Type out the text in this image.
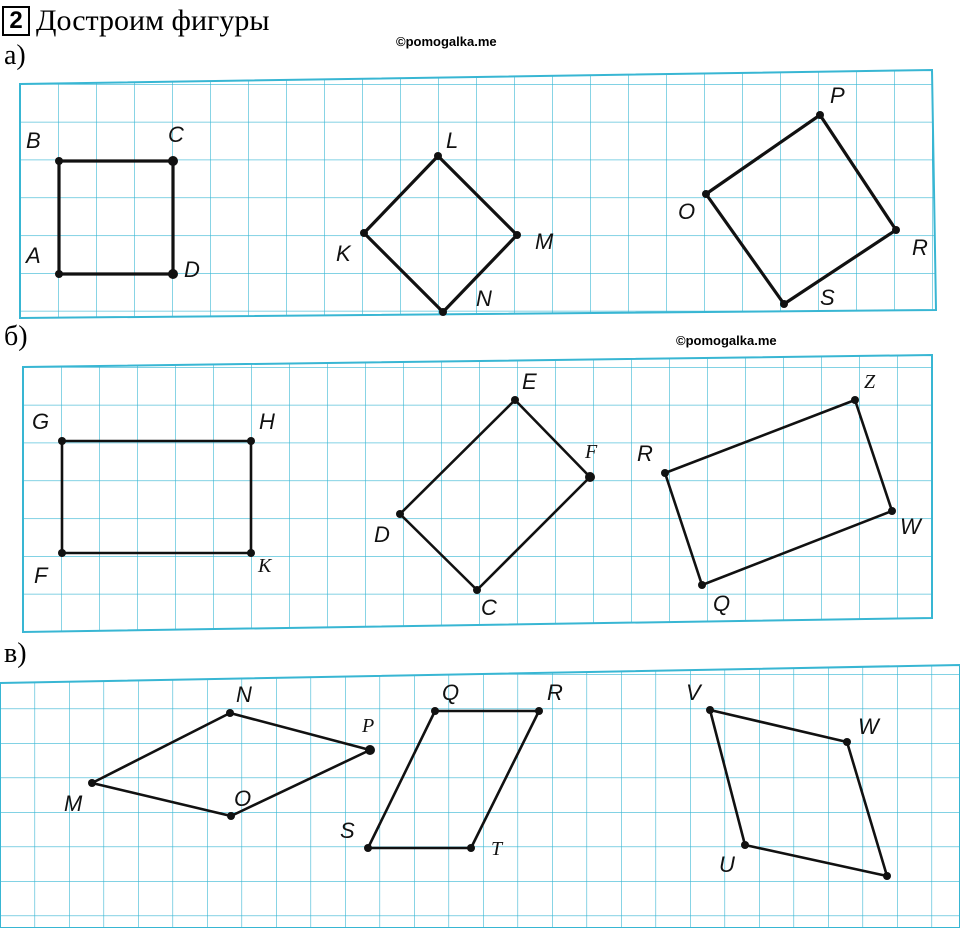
2 Достроим фигуры
©pomogalka.me
©pomogalka.me
а)
б)
в)
B	C
A
D
L
M
K
N
P
O
R
S
G	H
F	K
E
F
D
C
Z
R
W
Q
N
P
M	O
Q	R
S
T
V
W
U
